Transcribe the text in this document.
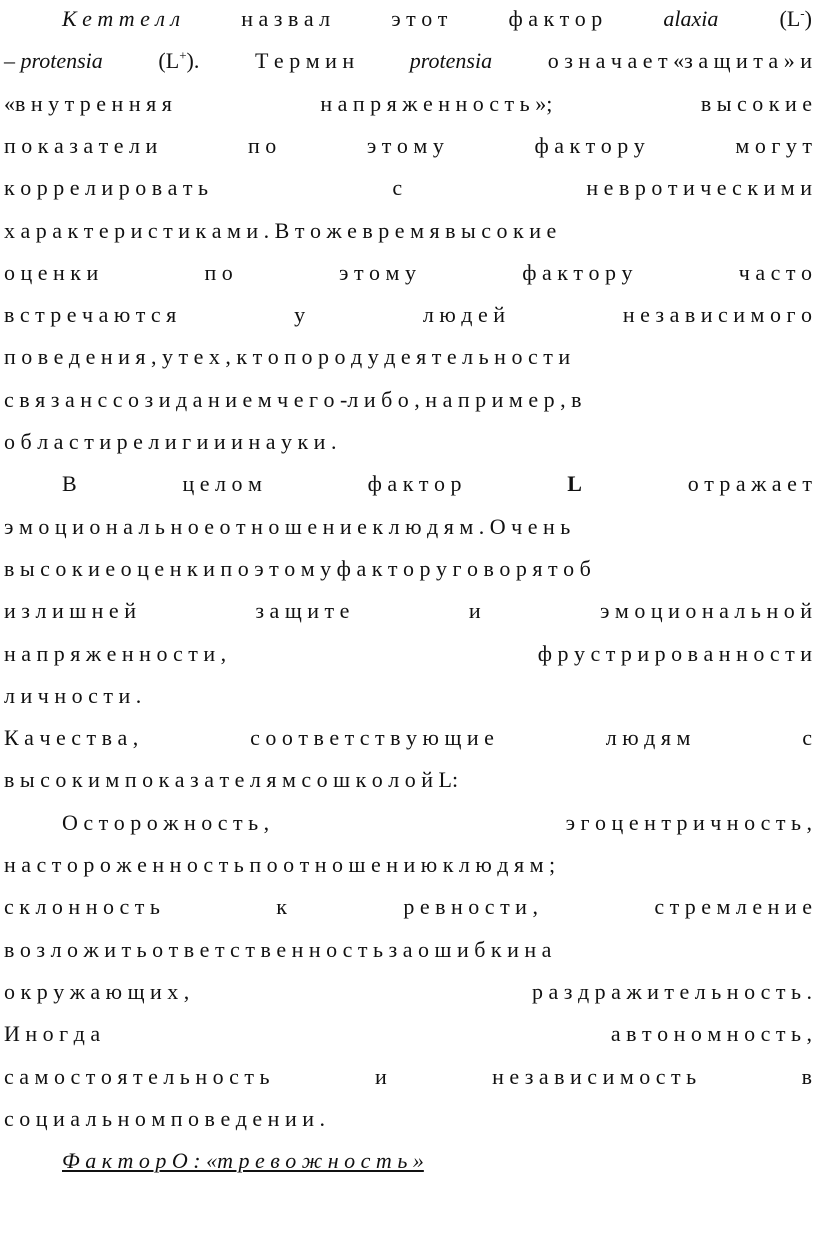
К е т т е л л	н а з в а л	э т о т	ф а к т о р	alaxia	(L-)
– protensia	(L+).	Т е р м и н	protensia	о з н а ч а е т «з а щ и т а » и
«в н у т р е н н я я	н а п р я ж е н н о с т ь »;	в ы с о к и е
п о к а з а т е л и	п о	э т о м у	ф а к т о р у	м о г у т
к о р р е л и р о в а т ь	с	н е в р о т и ч е с к и м и
х а р а к т е р и с т и к а м и . В т о ж е в р е м я в ы с о к и е
о ц е н к и	п о	э т о м у	ф а к т о р у	ч а с т о
в с т р е ч а ю т с я	у	л ю д е й	н е з а в и с и м о г о
п о в е д е н и я , у т е х , к т о п о р о д у д е я т е л ь н о с т и
с в я з а н с с о з и д а н и е м ч е г о -л и б о , н а п р и м е р , в
о б л а с т и р е л и г и и и н а у к и .
В	ц е л о м	ф а к т о р	L	о т р а ж а е т
э м о ц и о н а л ь н о е о т н о ш е н и е к л ю д я м . О ч е н ь
в ы с о к и е о ц е н к и п о э т о м у ф а к т о р у г о в о р я т о б
и з л и ш н е й	з а щ и т е	и	э м о ц и о н а л ь н о й
н а п р я ж е н н о с т и ,	ф р у с т р и р о в а н н о с т и
л и ч н о с т и .
К а ч е с т в а ,	с о о т в е т с т в у ю щ и е	л ю д я м	с
в ы с о к и м п о к а з а т е л я м с о ш к о л о й L:
О с т о р о ж н о с т ь ,	э г о ц е н т р и ч н о с т ь ,
н а с т о р о ж е н н о с т ь п о о т н о ш е н и ю к л ю д я м ;
с к л о н н о с т ь	к	р е в н о с т и ,	с т р е м л е н и е
в о з л о ж и т ь о т в е т с т в е н н о с т ь з а о ш и б к и н а
о к р у ж а ю щ и х ,	р а з д р а ж и т е л ь н о с т ь .
И н о г д а	а в т о н о м н о с т ь ,
с а м о с т о я т е л ь н о с т ь	и	н е з а в и с и м о с т ь	в
с о ц и а л ь н о м п о в е д е н и и .
Ф а к т о р О : «т р е в о ж н о с т ь »
